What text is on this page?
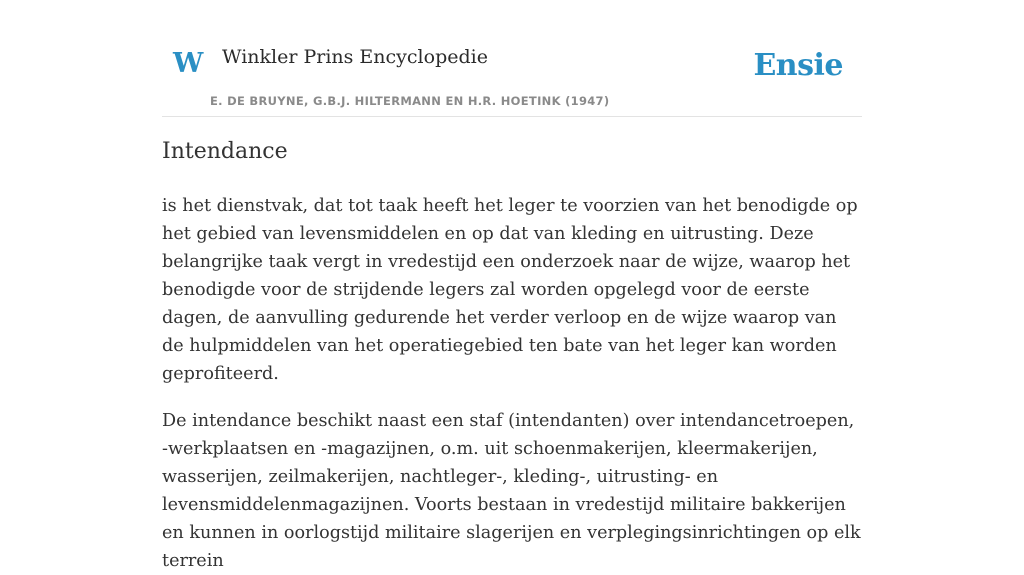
W Winkler Prins Encyclopedie
E. DE BRUYNE, G.B.J. HILTERMANN EN H.R. HOETINK (1947)
Ensie
Intendance

is het dienstvak, dat tot taak heeft het leger te voorzien van het benodigde op het gebied van levensmiddelen en op dat van kleding en uitrusting. Deze belangrijke taak vergt in vredestijd een onderzoek naar de wijze, waarop het benodigde voor de strijdende legers zal worden opgelegd voor de eerste dagen, de aanvulling gedurende het verder verloop en de wijze waarop van de hulpmiddelen van het operatiegebied ten bate van het leger kan worden geprofiteerd.

De intendance beschikt naast een staf (intendanten) over intendancetroepen, -werkplaatsen en -magazijnen, o.m. uit schoenmakerijen, kleermakerijen, wasserijen, zeilmakerijen, nachtleger-, kleding-, uitrusting- en levensmiddelenmagazijnen. Voorts bestaan in vredestijd militaire bakkerijen en kunnen in oorlogstijd militaire slagerijen en verplegingsinrichtingen op elk terrein
